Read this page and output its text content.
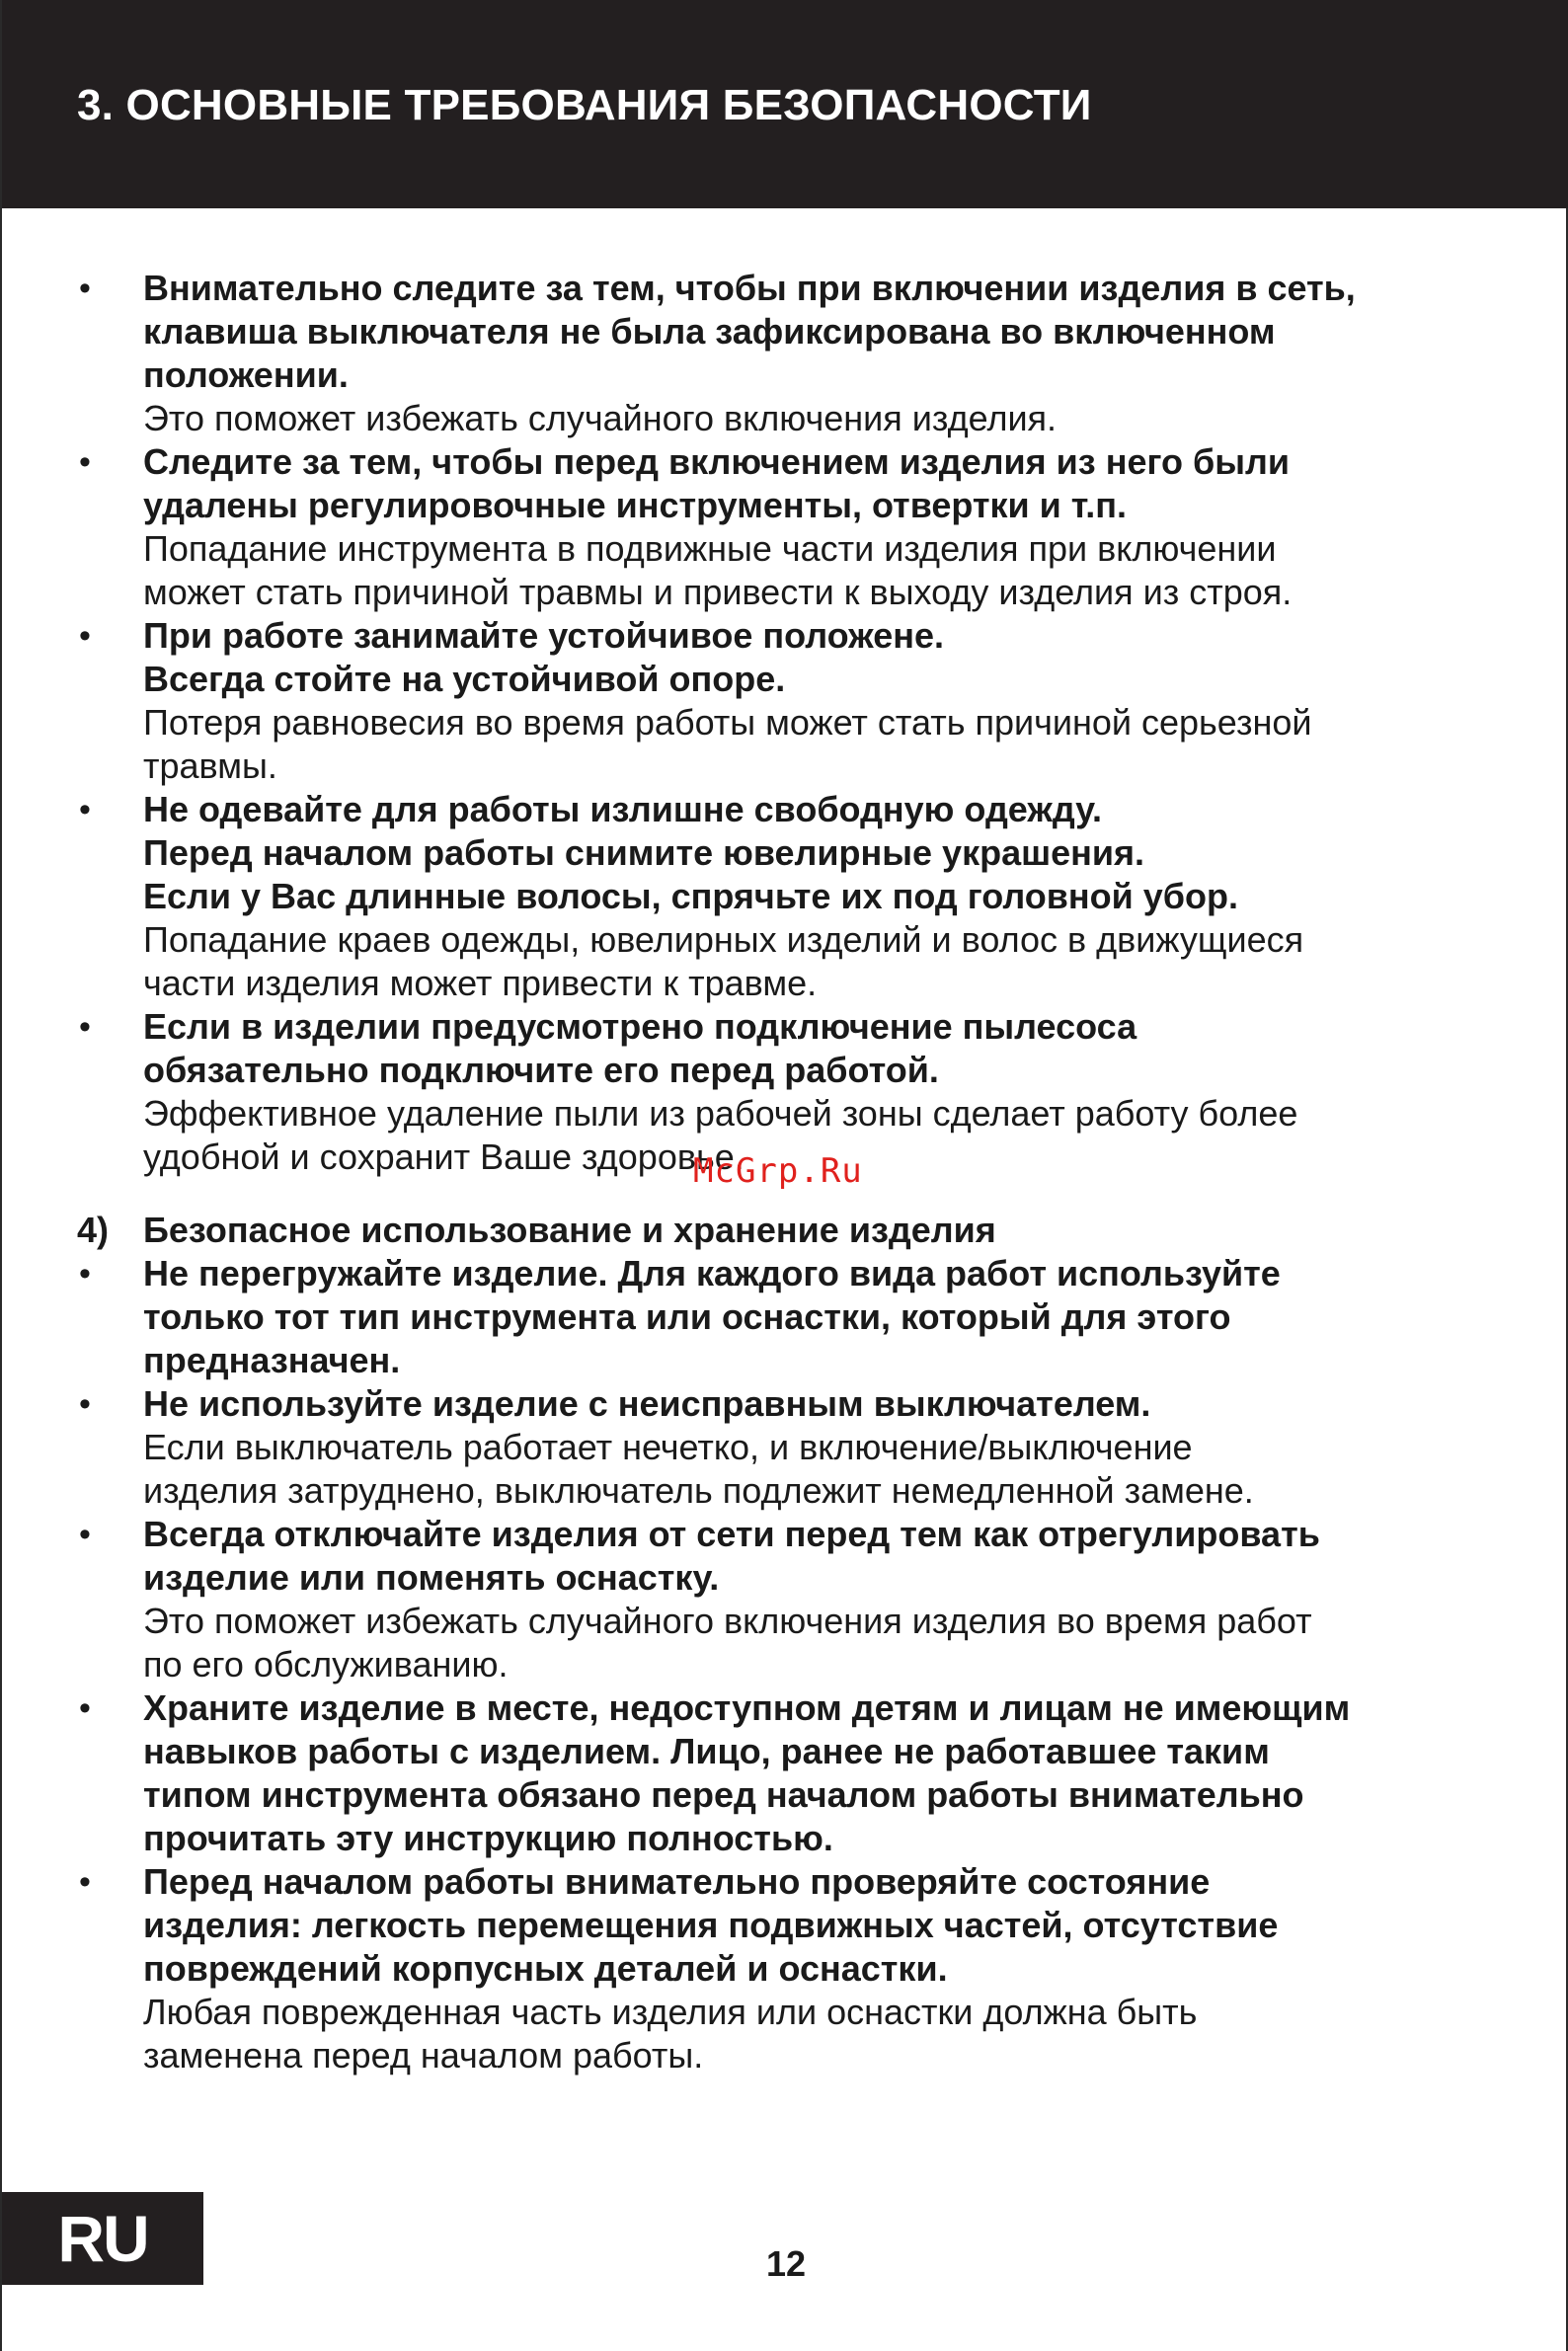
3. ОСНОВНЫЕ ТРЕБОВАНИЯ БЕЗОПАСНОСТИ
• Внимательно следите за тем, чтобы при включении изделия в сеть,
клавиша выключателя не была зафиксирована во включенном
положении.
Это поможет избежать случайного включения изделия.
• Следите за тем, чтобы перед включением изделия из него были
удалены регулировочные инструменты, отвертки и т.п.
Попадание инструмента в подвижные части изделия при включении
может стать причиной травмы и привести к выходу изделия из строя.
• При работе занимайте устойчивое положене.
Всегда стойте на устойчивой опоре.
Потеря равновесия во время работы может стать причиной серьезной
травмы.
• Не одевайте для работы излишне свободную одежду.
Перед началом работы снимите ювелирные украшения.
Если у Вас длинные волосы, спрячьте их под головной убор.
Попадание краев одежды, ювелирных изделий и волос в движущиеся
части изделия может привести к травме.
• Если в изделии предусмотрено подключение пылесоса
обязательно подключите его перед работой.
Эффективное удаление пыли из рабочей зоны сделает работу более
удобной и сохранит Ваше здоровье.
4) Безопасное использование и хранение изделия
• Не перегружайте изделие. Для каждого вида работ используйте
только тот тип инструмента или оснастки, который для этого
предназначен.
• Не используйте изделие с неисправным выключателем.
Если выключатель работает нечетко, и включение/выключение
изделия затруднено, выключатель подлежит немедленной замене.
• Всегда отключайте изделия от сети перед тем как отрегулировать
изделие или поменять оснастку.
Это поможет избежать случайного включения изделия во время работ
по его обслуживанию.
• Храните изделие в месте, недоступном детям и лицам не имеющим
навыков работы с изделием. Лицо, ранее не работавшее таким
типом инструмента обязано перед началом работы внимательно
прочитать эту инструкцию полностью.
• Перед началом работы внимательно проверяйте состояние
изделия: легкость перемещения подвижных частей, отсутствие
повреждений корпусных деталей и оснастки.
Любая поврежденная часть изделия или оснастки должна быть
заменена перед началом работы.
McGrp.Ru
RU	12
